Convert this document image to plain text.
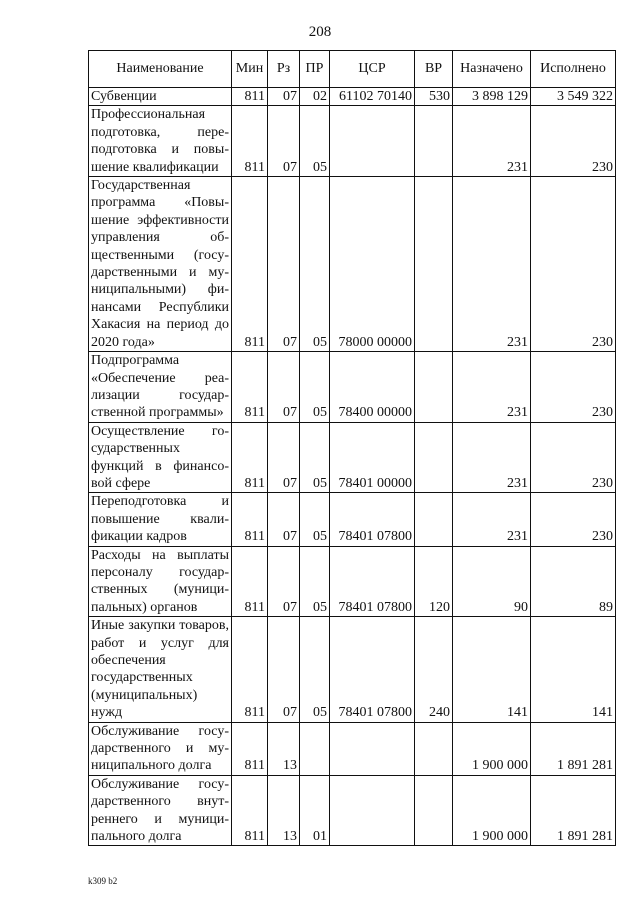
208
Наименование	Мин	Рз	ПР	ЦСР	ВР	Назначено	Исполнено
Субвенции	811	07	02	61102 70140	530	3 898 129	3 549 322
Профессиональная подготовка, переподготовка и повышение квалификации	811	07	05			231	230
Государственная программа «Повышение эффективности управления общественными (государственными и муниципальными) финансами Республики Хакасия на период до 2020 года»	811	07	05	78000 00000		231	230
Подпрограмма «Обеспечение реализации государственной программы»	811	07	05	78400 00000		231	230
Осуществление государственных функций в финансовой сфере	811	07	05	78401 00000		231	230
Переподготовка и повышение квалификации кадров	811	07	05	78401 07800		231	230
Расходы на выплаты персоналу государственных (муниципальных) органов	811	07	05	78401 07800	120	90	89
Иные закупки товаров, работ и услуг для обеспечения государственных (муниципальных) нужд	811	07	05	78401 07800	240	141	141
Обслуживание государственного и муниципального долга	811	13				1 900 000	1 891 281
Обслуживание государственного внутреннего и муниципального долга	811	13	01			1 900 000	1 891 281
k309 b2
